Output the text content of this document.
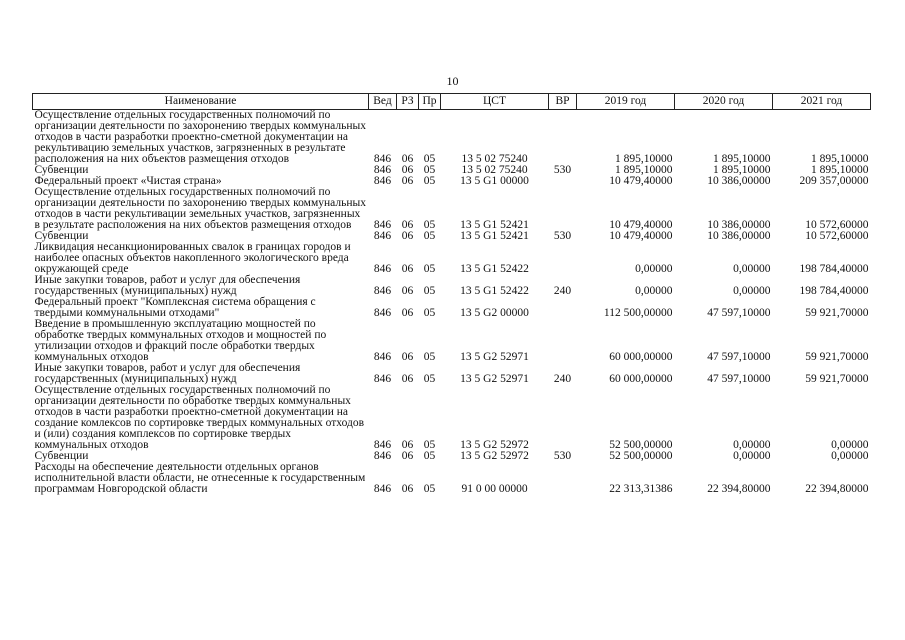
10
Наименование	Вед	РЗ	Пр	ЦСТ	ВР	2019 год	2020 год	2021 год
Осуществление отдельных государственных полномочий по организации деятельности по захоронению твердых коммунальных отходов в части разработки проектно-сметной документации на рекультивацию земельных участков, загрязненных в результате расположения на них объектов размещения отходов	846	06	05	13 5 02 75240		1 895,10000	1 895,10000	1 895,10000
Субвенции	846	06	05	13 5 02 75240	530	1 895,10000	1 895,10000	1 895,10000
Федеральный проект «Чистая страна»	846	06	05	13 5 G1 00000		10 479,40000	10 386,00000	209 357,00000
Осуществление отдельных государственных полномочий по организации деятельности по захоронению твердых коммунальных отходов в части рекультивации земельных участков, загрязненных в результате расположения на них объектов размещения отходов	846	06	05	13 5 G1 52421		10 479,40000	10 386,00000	10 572,60000
Субвенции	846	06	05	13 5 G1 52421	530	10 479,40000	10 386,00000	10 572,60000
Ликвидация несанкционированных свалок в границах городов и наиболее опасных объектов накопленного экологического вреда окружающей среде	846	06	05	13 5 G1 52422		0,00000	0,00000	198 784,40000
Иные закупки товаров, работ и услуг для обеспечения государственных (муниципальных) нужд	846	06	05	13 5 G1 52422	240	0,00000	0,00000	198 784,40000
Федеральный проект "Комплексная система обращения с твердыми коммунальными отходами"	846	06	05	13 5 G2 00000		112 500,00000	47 597,10000	59 921,70000
Введение в промышленную эксплуатацию мощностей по обработке твердых коммунальных отходов и мощностей по утилизации отходов и фракций после обработки твердых коммунальных отходов	846	06	05	13 5 G2 52971		60 000,00000	47 597,10000	59 921,70000
Иные закупки товаров, работ и услуг для обеспечения государственных (муниципальных) нужд	846	06	05	13 5 G2 52971	240	60 000,00000	47 597,10000	59 921,70000
Осуществление отдельных государственных полномочий по организации деятельности по обработке твердых коммунальных отходов в части разработки проектно-сметной документации на создание комлексов по сортировке твердых коммунальных отходов и (или) создания комплексов по сортировке твердых коммунальных отходов	846	06	05	13 5 G2 52972		52 500,00000	0,00000	0,00000
Субвенции	846	06	05	13 5 G2 52972	530	52 500,00000	0,00000	0,00000
Расходы на обеспечение деятельности отдельных органов исполнительной власти области, не отнесенные к государственным программам Новгородской области	846	06	05	91 0 00 00000		22 313,31386	22 394,80000	22 394,80000
